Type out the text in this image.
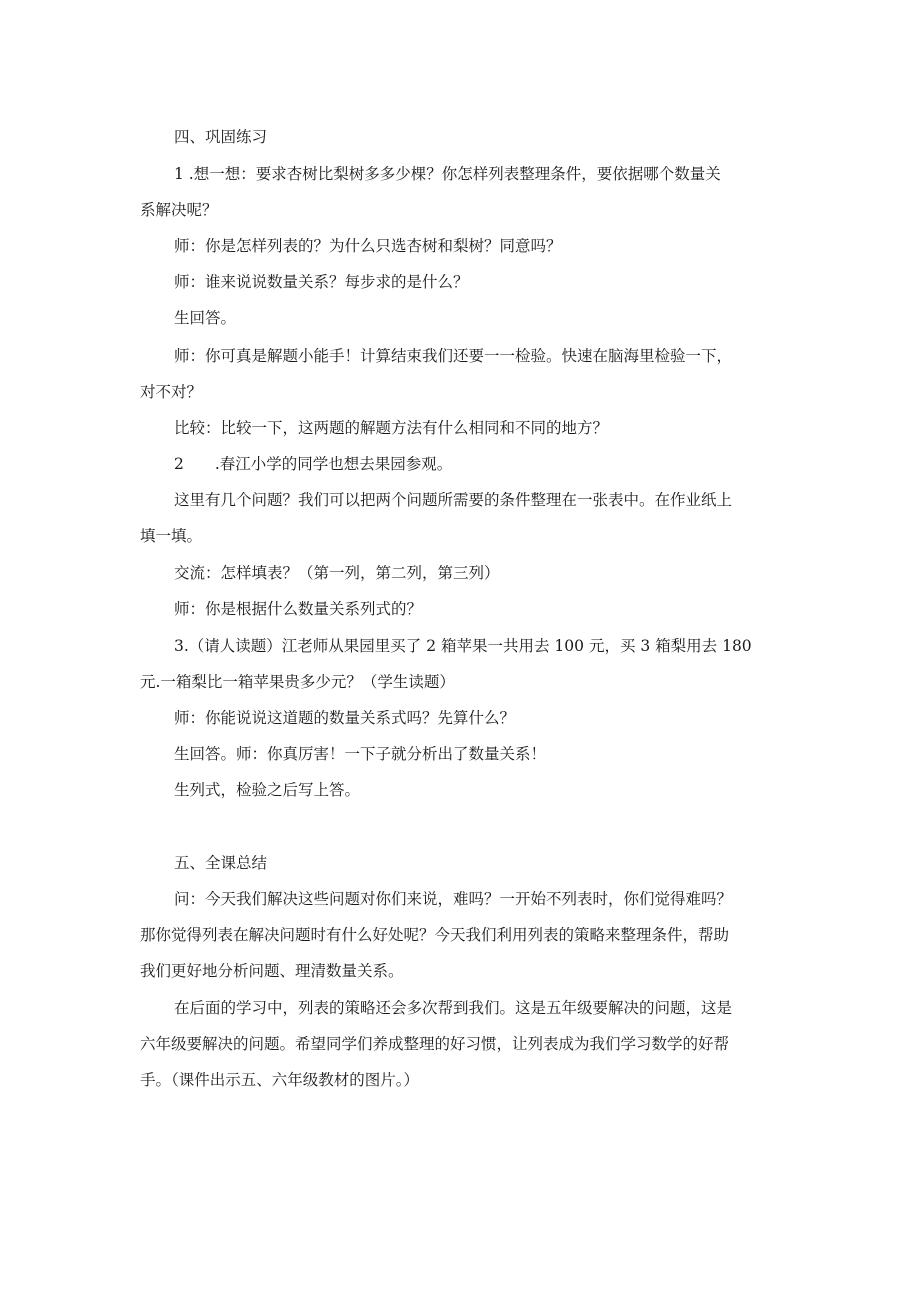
四、巩固练习
1 .想一想：要求杏树比梨树多多少棵？你怎样列表整理条件，要依据哪个数量关
系解决呢？
师：你是怎样列表的？为什么只选杏树和梨树？同意吗？
师：谁来说说数量关系？每步求的是什么？
生回答。
师：你可真是解题小能手！计算结束我们还要一一检验。快速在脑海里检验一下，
对不对？
比较：比较一下，这两题的解题方法有什么相同和不同的地方？
2　　.春江小学的同学也想去果园参观。
这里有几个问题？我们可以把两个问题所需要的条件整理在一张表中。在作业纸上
填一填。
交流：怎样填表？（第一列，第二列，第三列）
师：你是根据什么数量关系列式的？
3.（请人读题）江老师从果园里买了 2 箱苹果一共用去 100 元，买 3 箱梨用去 180
元.一箱梨比一箱苹果贵多少元？（学生读题）
师：你能说说这道题的数量关系式吗？先算什么？
生回答。师：你真厉害！一下子就分析出了数量关系！
生列式，检验之后写上答。
五、全课总结
问：今天我们解决这些问题对你们来说，难吗？一开始不列表时，你们觉得难吗？
那你觉得列表在解决问题时有什么好处呢？今天我们利用列表的策略来整理条件，帮助
我们更好地分析问题、理清数量关系。
在后面的学习中，列表的策略还会多次帮到我们。这是五年级要解决的问题，这是
六年级要解决的问题。希望同学们养成整理的好习惯，让列表成为我们学习数学的好帮
手。（课件出示五、六年级教材的图片。）
